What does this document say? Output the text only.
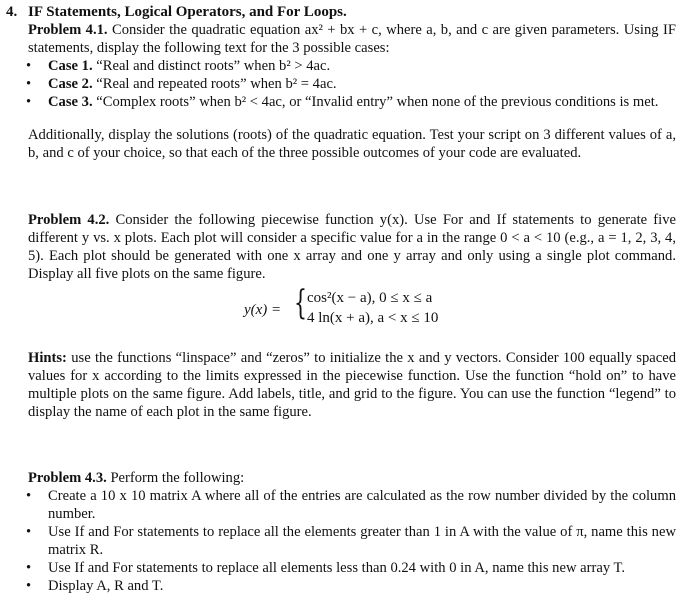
4. IF Statements, Logical Operators, and For Loops.
Problem 4.1. Consider the quadratic equation ax² + bx + c, where a, b, and c are given parameters. Using IF statements, display the following text for the 3 possible cases:
•	Case 1. “Real and distinct roots” when b² > 4ac.
•	Case 2. “Real and repeated roots” when b² = 4ac.
•	Case 3. “Complex roots” when b² < 4ac, or “Invalid entry” when none of the previous conditions is met.
Additionally, display the solutions (roots) of the quadratic equation. Test your script on 3 different values of a, b, and c of your choice, so that each of the three possible outcomes of your code are evaluated.
Problem 4.2. Consider the following piecewise function y(x). Use For and If statements to generate five different y vs. x plots. Each plot will consider a specific value for a in the range 0 < a < 10 (e.g., a = 1, 2, 3, 4, 5). Each plot should be generated with one x array and one y array and only using a single plot command. Display all five plots on the same figure.
y(x) = { cos²(x − a), 0 ≤ x ≤ a
4 ln(x + a), a < x ≤ 10
Hints: use the functions “linspace” and “zeros” to initialize the x and y vectors. Consider 100 equally spaced values for x according to the limits expressed in the piecewise function. Use the function “hold on” to have multiple plots on the same figure. Add labels, title, and grid to the figure. You can use the function “legend” to display the name of each plot in the same figure.
Problem 4.3. Perform the following:
•	Create a 10 x 10 matrix A where all of the entries are calculated as the row number divided by the column number.
•	Use If and For statements to replace all the elements greater than 1 in A with the value of π, name this new matrix R.
•	Use If and For statements to replace all elements less than 0.24 with 0 in A, name this new array T.
•	Display A, R and T.
